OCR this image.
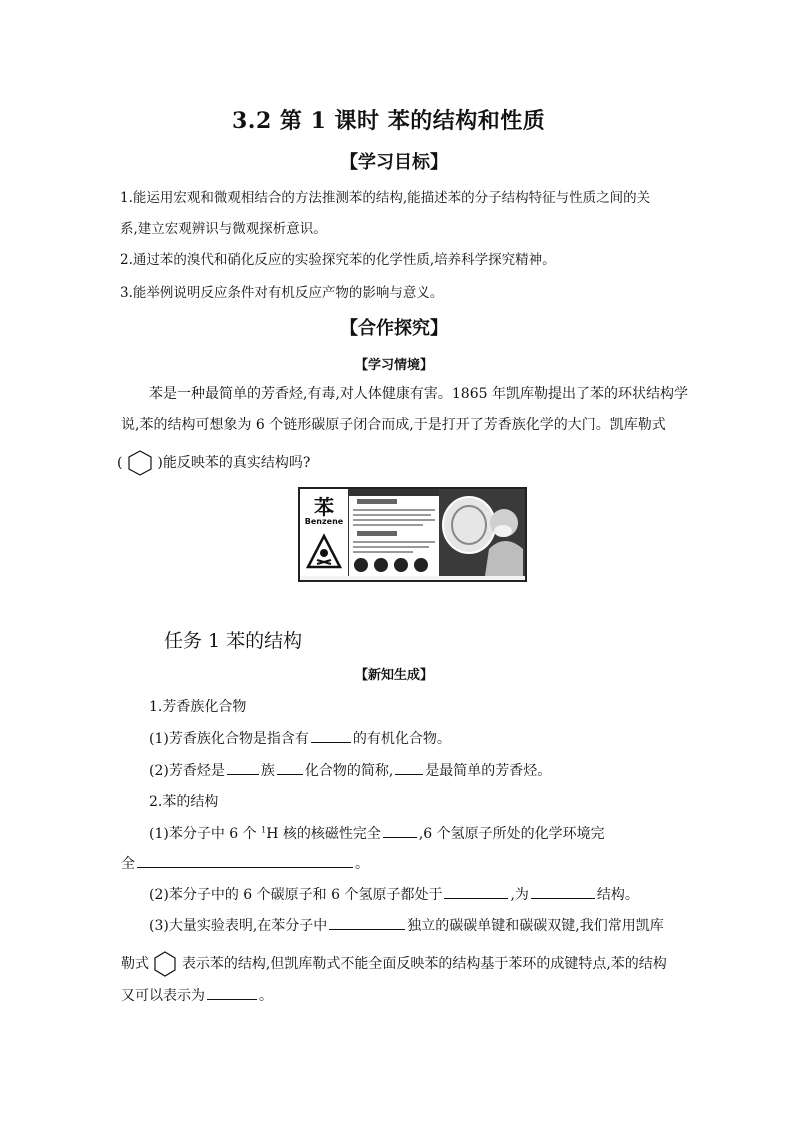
3.2 第 1 课时 苯的结构和性质
【学习目标】
1.能运用宏观和微观相结合的方法推测苯的结构,能描述苯的分子结构特征与性质之间的关
系,建立宏观辨识与微观探析意识。
2.通过苯的溴代和硝化反应的实验探究苯的化学性质,培养科学探究精神。
3.能举例说明反应条件对有机反应产物的影响与意义。
【合作探究】
【学习情境】
苯是一种最简单的芳香烃,有毒,对人体健康有害。1865 年凯库勒提出了苯的环状结构学
说,苯的结构可想象为 6 个链形碳原子闭合而成,于是打开了芳香族化学的大门。凯库勒式
( )能反映苯的真实结构吗?
苯
Benzene
任务 1 苯的结构
【新知生成】
1.芳香族化合物
(1)芳香族化合物是指含有	的有机化合物。
(2)芳香烃是	族 化合物的简称, 是最简单的芳香烃。
2.苯的结构
(1)苯分子中 6 个 $^1$H 核的核磁性完全	,6 个氢原子所处的化学环境完
全	。
(2)苯分子中的 6 个碳原子和 6 个氢原子都处于	,为	结构。
(3)大量实验表明,在苯分子中	独立的碳碳单键和碳碳双键,我们常用凯库
勒式 表示苯的结构,但凯库勒式不能全面反映苯的结构基于苯环的成键特点,苯的结构
又可以表示为	。
